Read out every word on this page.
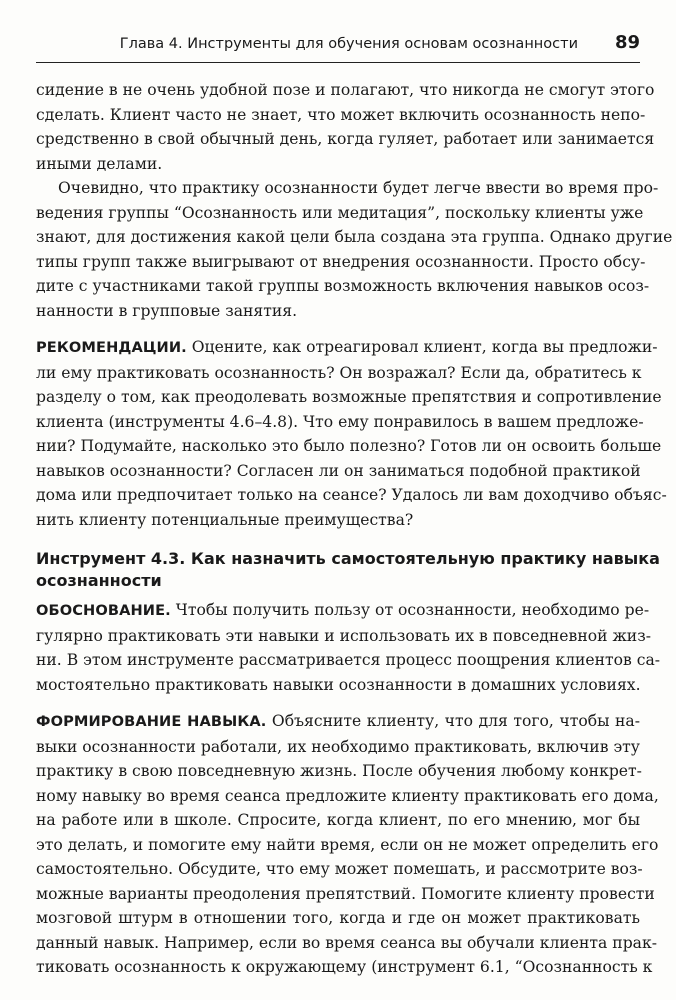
Глава 4. Инструменты для обучения основам осознанности 89

сидение в не очень удобной позе и полагают, что никогда не смогут этого
сделать. Клиент часто не знает, что может включить осознанность непо-
средственно в свой обычный день, когда гуляет, работает или занимается
иными делами.

Очевидно, что практику осознанности будет легче ввести во время про-
ведения группы “Осознанность или медитация”, поскольку клиенты уже
знают, для достижения какой цели была создана эта группа. Однако другие
типы групп также выигрывают от внедрения осознанности. Просто обсу-
дите с участниками такой группы возможность включения навыков осоз-
нанности в групповые занятия.

РЕКОМЕНДАЦИИ. Оцените, как отреагировал клиент, когда вы предложи-
ли ему практиковать осознанность? Он возражал? Если да, обратитесь к
разделу о том, как преодолевать возможные препятствия и сопротивление
клиента (инструменты 4.6–4.8). Что ему понравилось в вашем предложе-
нии? Подумайте, насколько это было полезно? Готов ли он освоить больше
навыков осознанности? Согласен ли он заниматься подобной практикой
дома или предпочитает только на сеансе? Удалось ли вам доходчиво объяс-
нить клиенту потенциальные преимущества?

Инструмент 4.3. Как назначить самостоятельную практику навыка
осознанности

ОБОСНОВАНИЕ. Чтобы получить пользу от осознанности, необходимо ре-
гулярно практиковать эти навыки и использовать их в повседневной жиз-
ни. В этом инструменте рассматривается процесс поощрения клиентов са-
мостоятельно практиковать навыки осознанности в домашних условиях.

ФОРМИРОВАНИЕ НАВЫКА. Объясните клиенту, что для того, чтобы на-
выки осознанности работали, их необходимо практиковать, включив эту
практику в свою повседневную жизнь. После обучения любому конкрет-
ному навыку во время сеанса предложите клиенту практиковать его дома,
на работе или в школе. Спросите, когда клиент, по его мнению, мог бы
это делать, и помогите ему найти время, если он не может определить его
самостоятельно. Обсудите, что ему может помешать, и рассмотрите воз-
можные варианты преодоления препятствий. Помогите клиенту провести
мозговой штурм в отношении того, когда и где он может практиковать
данный навык. Например, если во время сеанса вы обучали клиента прак-
тиковать осознанность к окружающему (инструмент 6.1, “Осознанность к
